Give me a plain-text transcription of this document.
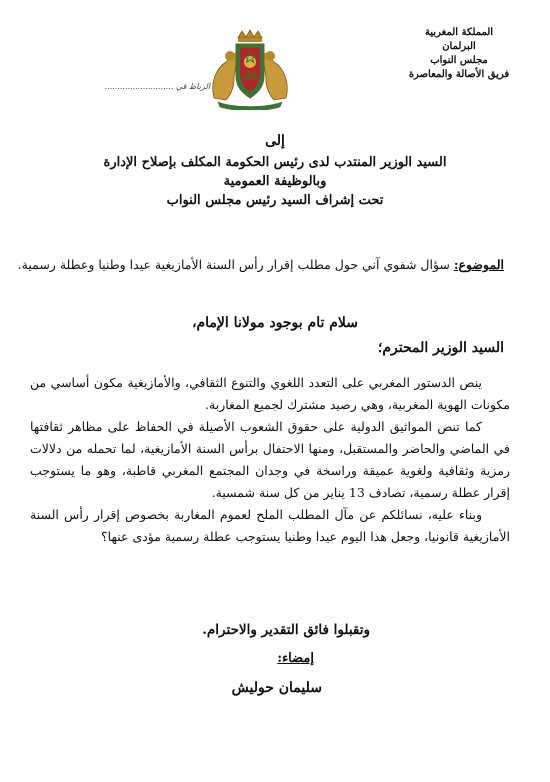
المملكة المغربية
البرلمان
مجلس النواب
فريق الأصالة والمعاصرة
الرباط في ...........................
إلى
السيد الوزير المنتدب لدى رئيس الحكومة المكلف بإصلاح الإدارة
وبالوظيفة العمومية
تحت إشراف السيد رئيس مجلس النواب
الموضوع: سؤال شفوي آني حول مطلب إقرار رأس السنة الأمازيغية عيدا وطنيا وعطلة رسمية.
سلام تام بوجود مولانا الإمام،
السيد الوزير المحترم؛

ينص الدستور المغربي على التعدد اللغوي والتنوع الثقافي، والأمازيغية مكون أساسي من مكونات الهوية المغربية، وهي رصيد مشترك لجميع المغاربة.

كما تنص المواثيق الدولية على حقوق الشعوب الأصيلة في الحفاظ على مظاهر ثقافتها في الماضي والحاضر والمستقبل، ومنها الاحتفال برأس السنة الأمازيغية، لما تحمله من دلالات رمزية وثقافية ولغوية عميقة وراسخة في وجدان المجتمع المغربي قاطبة، وهو ما يستوجب إقرار عطلة رسمية، تصادف 13 يناير من كل سنة شمسية.

وبناء عليه، نسائلكم عن مآل المطلب الملح لعموم المغاربة بخصوص إقرار رأس السنة الأمازيغية قانونيا، وجعل هذا اليوم عيدا وطنيا يستوجب عطلة رسمية مؤدى عنها؟

وتقبلوا فائق التقدير والاحترام.
إمضاء:
سليمان حوليش
